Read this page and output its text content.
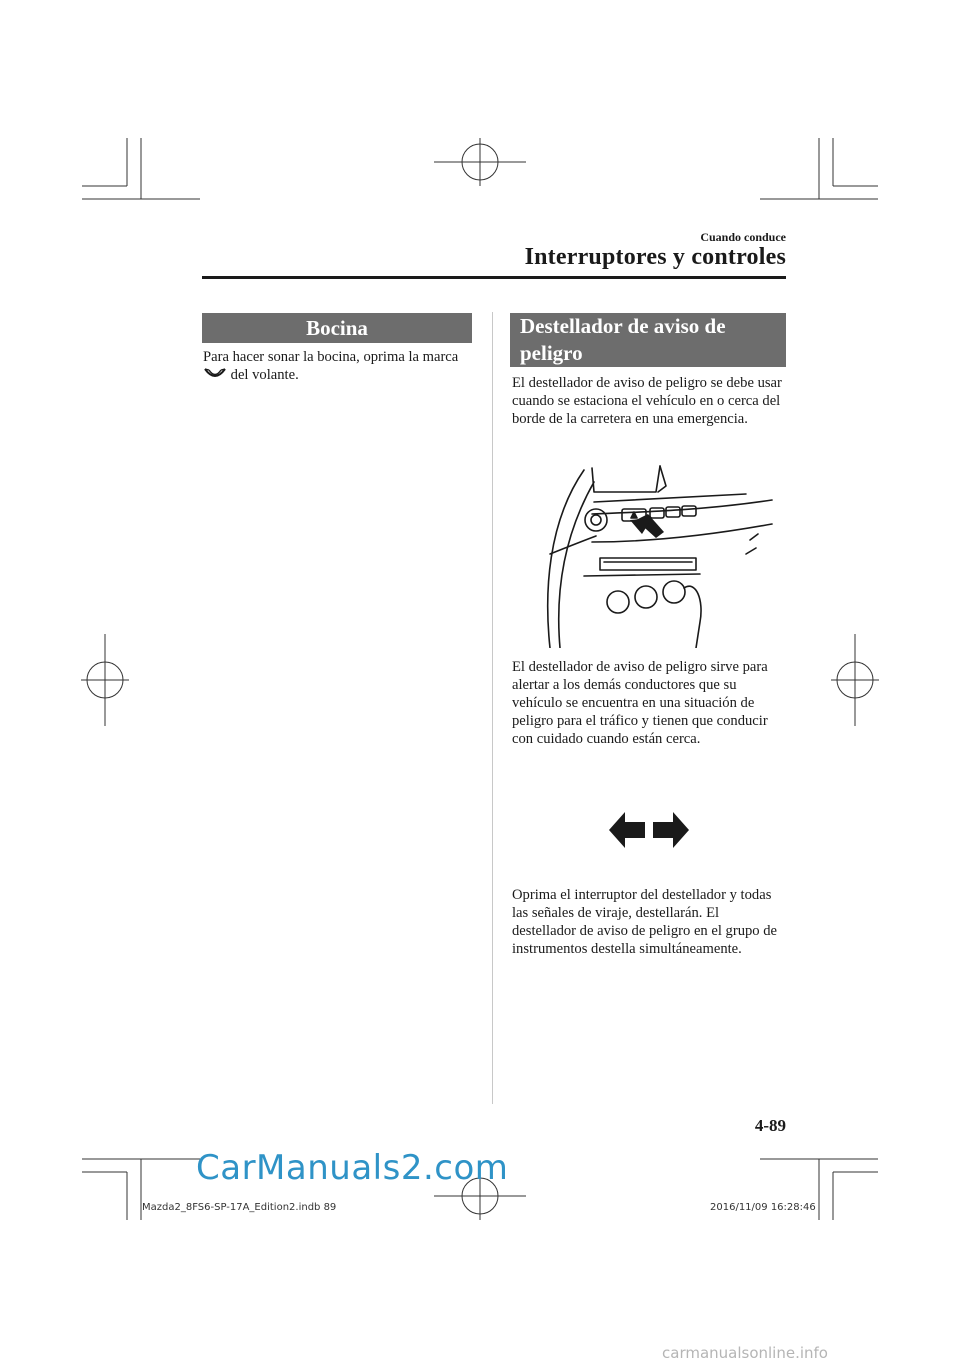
Cuando conduce
Interruptores y controles
Bocina
Para hacer sonar la bocina, oprima la marca  del volante.
Destellador de aviso de
peligro

El destellador de aviso de peligro se debe usar cuando se estaciona el vehículo en o cerca del borde de la carretera en una emergencia.

El destellador de aviso de peligro sirve para alertar a los demás conductores que su vehículo se encuentra en una situación de peligro para el tráfico y tienen que conducir con cuidado cuando están cerca.

Oprima el interruptor del destellador y todas las señales de viraje, destellarán. El destellador de aviso de peligro en el grupo de instrumentos destella simultáneamente.

4-89
CarManuals2.com
Mazda2_8FS6-SP-17A_Edition2.indb 89	2016/11/09 16:28:46
carmanualsonline.info
